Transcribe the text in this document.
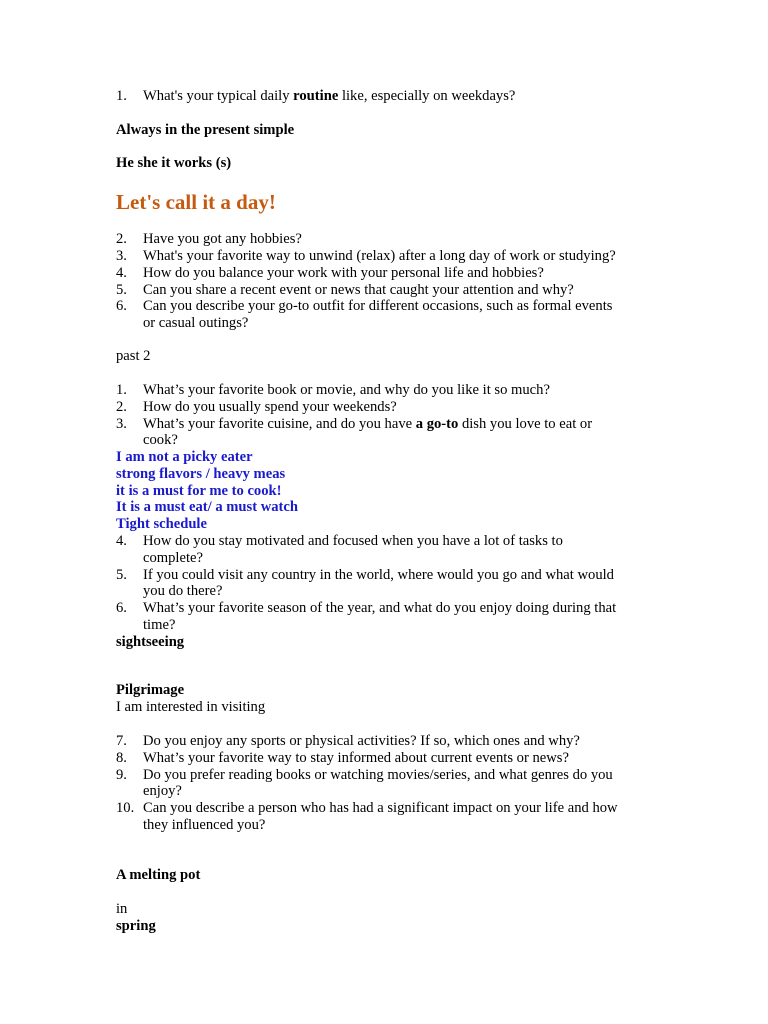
1. What's your typical daily routine like, especially on weekdays?
Always in the present simple
He she it works (s)
Let's call it a day!
2. Have you got any hobbies?
3. What's your favorite way to unwind (relax) after a long day of work or studying?
4. How do you balance your work with your personal life and hobbies?
5. Can you share a recent event or news that caught your attention and why?
6. Can you describe your go-to outfit for different occasions, such as formal events
or casual outings?
past 2
1. What’s your favorite book or movie, and why do you like it so much?
2. How do you usually spend your weekends?
3. What’s your favorite cuisine, and do you have a go-to dish you love to eat or
cook?
I am not a picky eater
strong flavors / heavy meas
it is a must for me to cook!
It is a must eat/ a must watch
Tight schedule
4. How do you stay motivated and focused when you have a lot of tasks to
complete?
5. If you could visit any country in the world, where would you go and what would
you do there?
6. What’s your favorite season of the year, and what do you enjoy doing during that
time?
sightseeing
Pilgrimage
I am interested in visiting
7. Do you enjoy any sports or physical activities? If so, which ones and why?
8. What’s your favorite way to stay informed about current events or news?
9. Do you prefer reading books or watching movies/series, and what genres do you
enjoy?
10. Can you describe a person who has had a significant impact on your life and how
they influenced you?
A melting pot
in
spring
